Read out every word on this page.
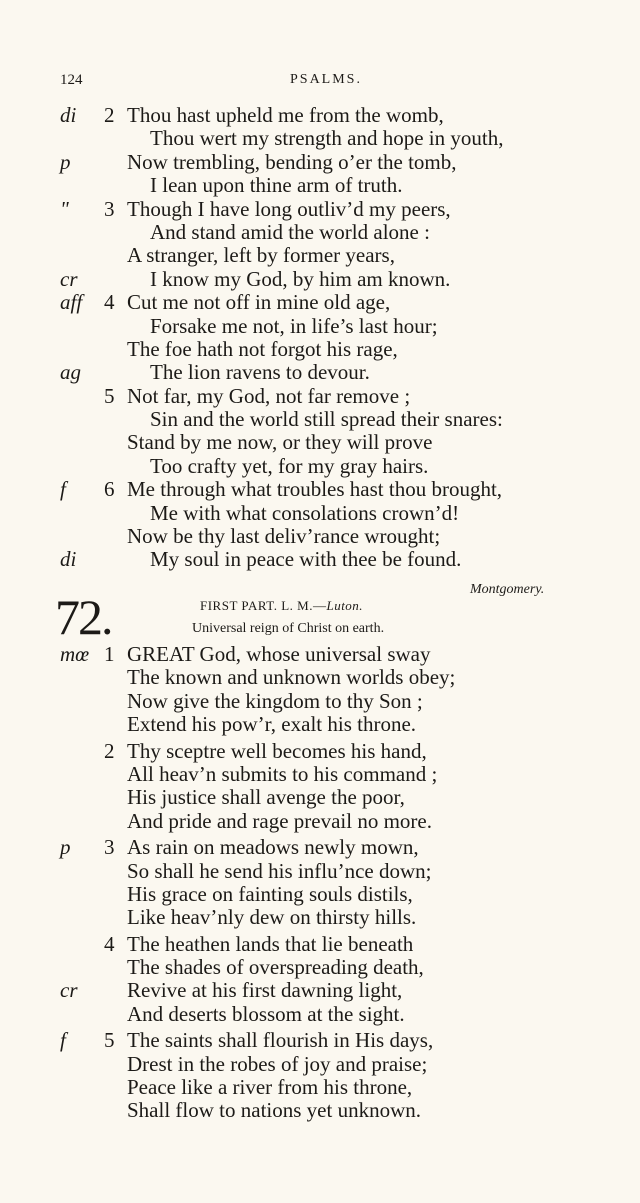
124	PSALMS.
di 2 Thou hast upheld me from the womb,
Thou wert my strength and hope in youth,
p	Now trembling, bending o’er the tomb,
I lean upon thine arm of truth.
" 3 Though I have long outliv’d my peers,
And stand amid the world alone :
A stranger, left by former years,
cr	I know my God, by him am known.
aff 4 Cut me not off in mine old age,
Forsake me not, in life’s last hour;
The foe hath not forgot his rage,
ag	The lion ravens to devour.
5 Not far, my God, not far remove ;
Sin and the world still spread their snares:
Stand by me now, or they will prove
Too crafty yet, for my gray hairs.
f 6 Me through what troubles hast thou brought,
Me with what consolations crown’d!
Now be thy last deliv’rance wrought;
di	My soul in peace with thee be found.
Montgomery.
72.	FIRST PART. L. M.—Luton.
Universal reign of Christ on earth.
mœ 1 GREAT God, whose universal sway
The known and unknown worlds obey;
Now give the kingdom to thy Son ;
Extend his pow’r, exalt his throne.
2 Thy sceptre well becomes his hand,
All heav’n submits to his command ;
His justice shall avenge the poor,
And pride and rage prevail no more.
p 3 As rain on meadows newly mown,
So shall he send his influ’nce down;
His grace on fainting souls distils,
Like heav’nly dew on thirsty hills.
4 The heathen lands that lie beneath
The shades of overspreading death,
cr Revive at his first dawning light,
And deserts blossom at the sight.
f 5 The saints shall flourish in His days,
Drest in the robes of joy and praise;
Peace like a river from his throne,
Shall flow to nations yet unknown.
